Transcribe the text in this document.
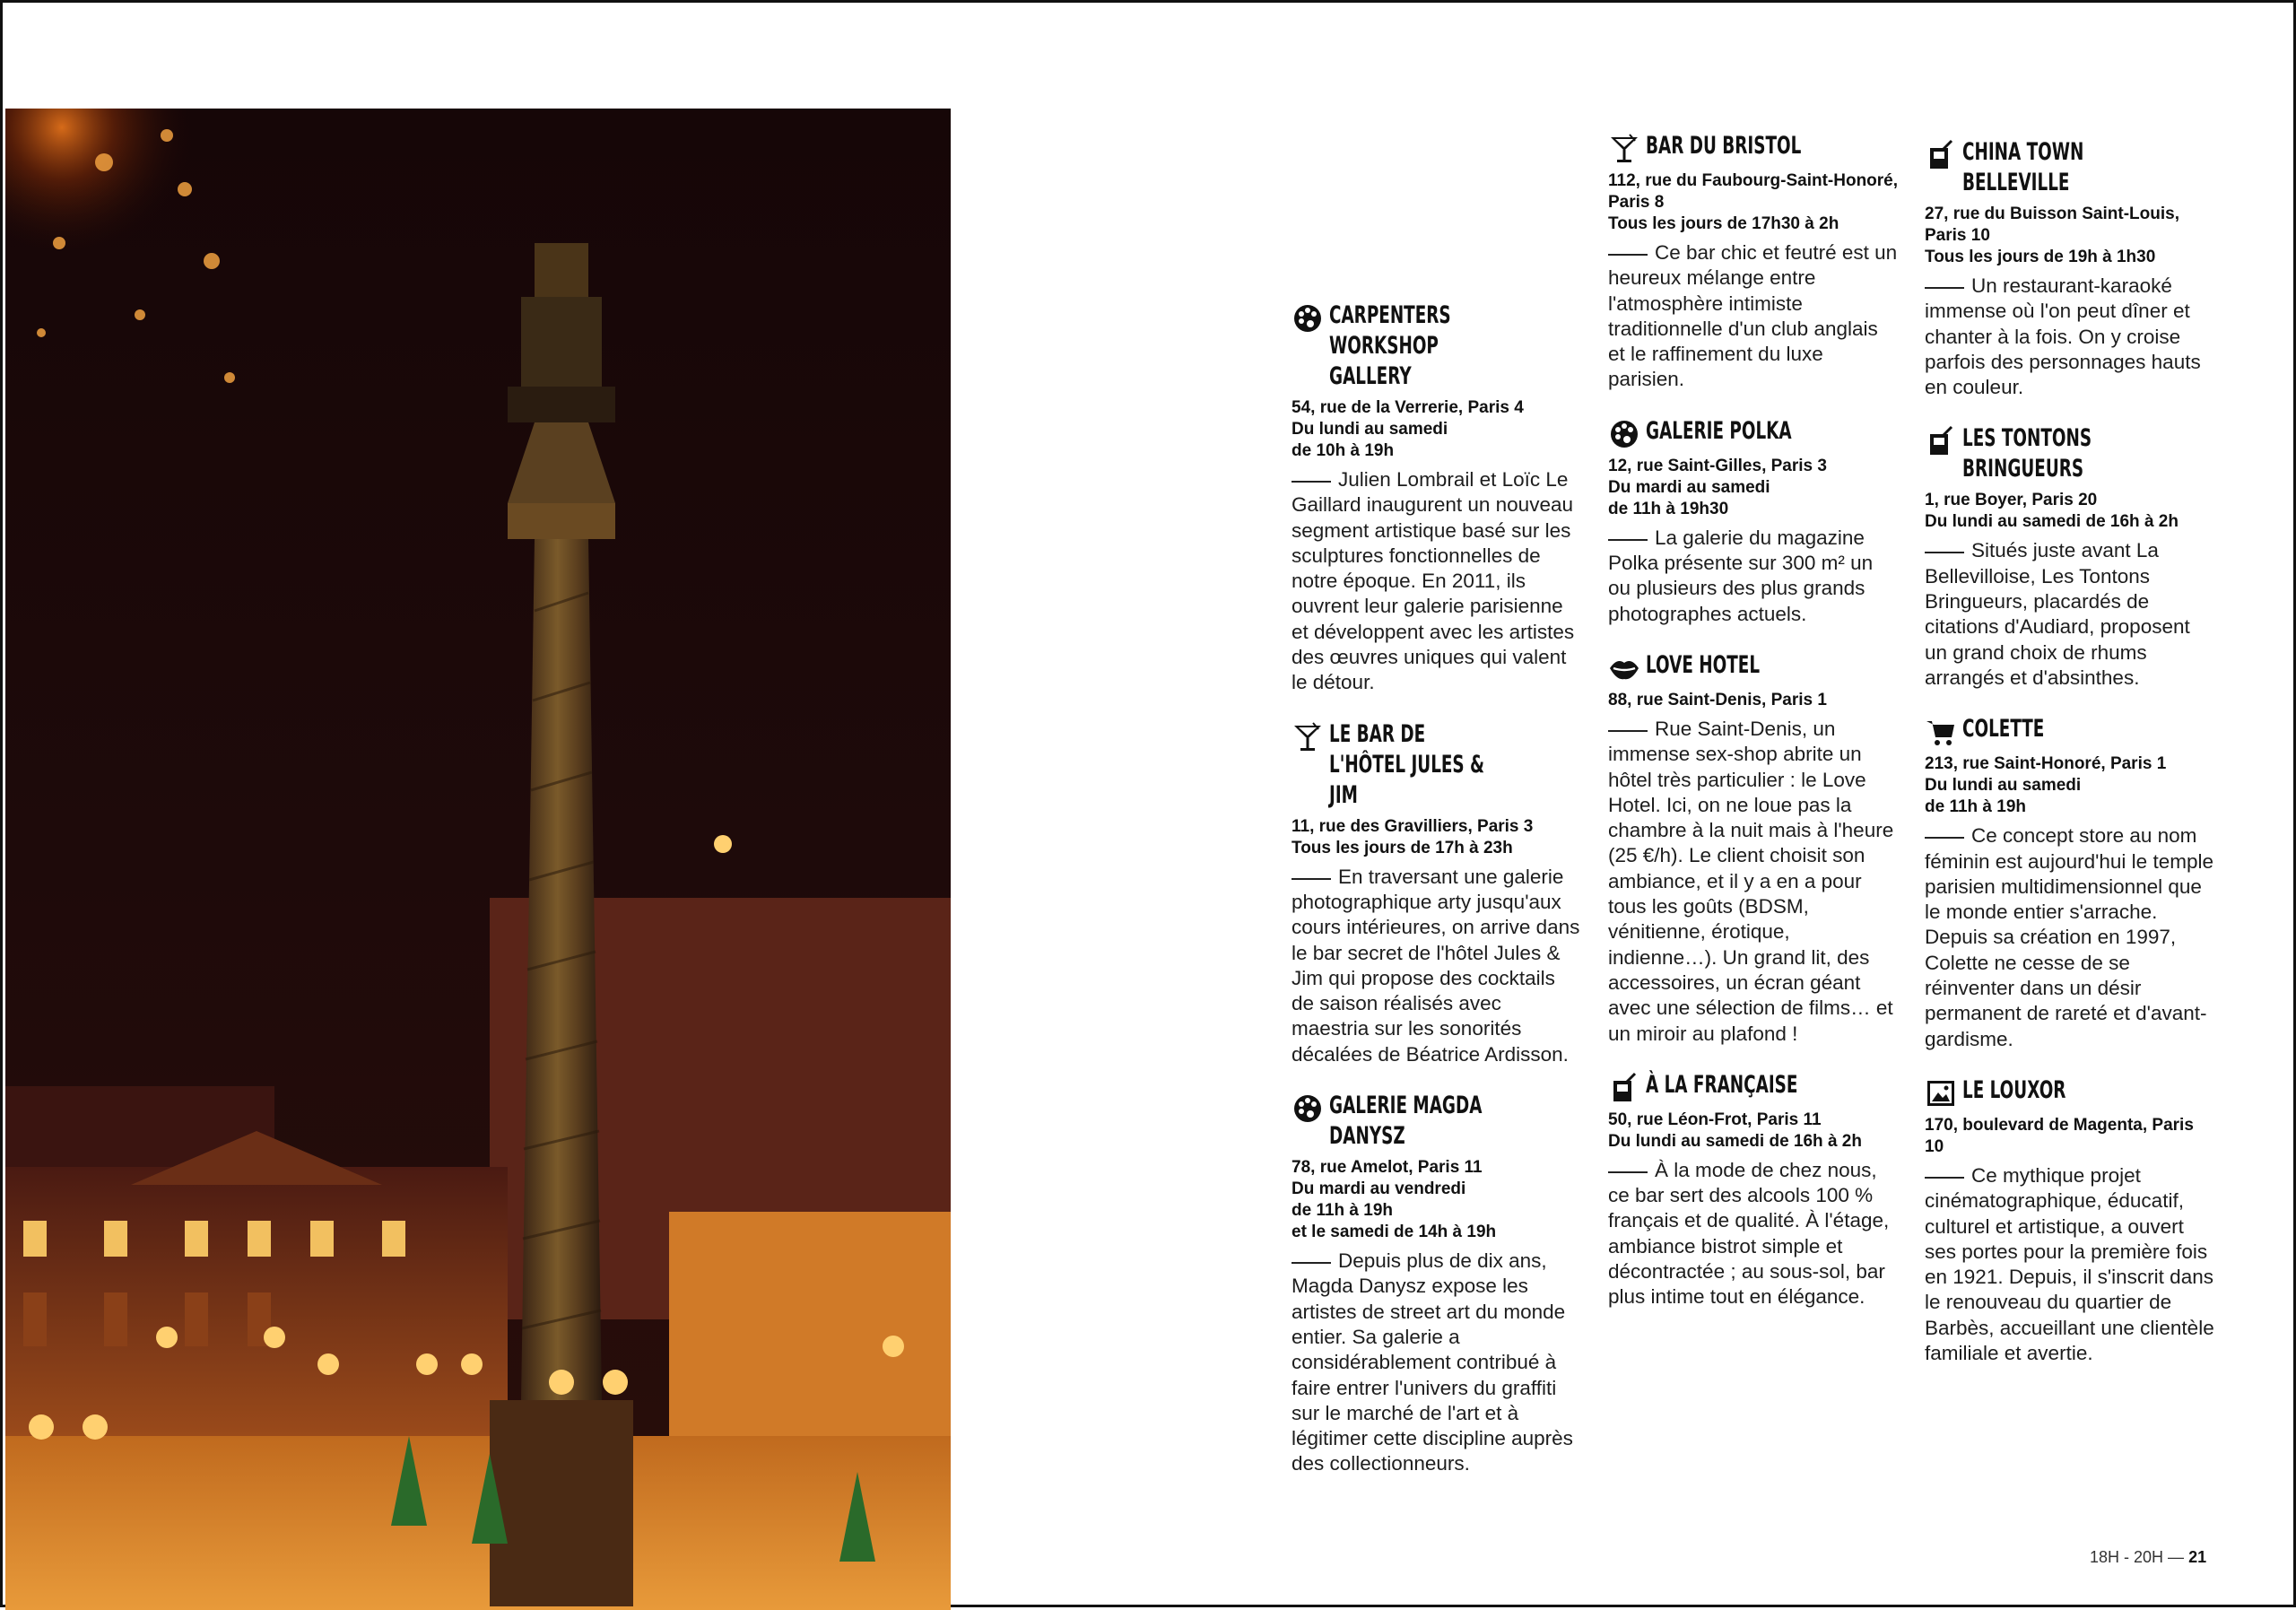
CARPENTERS WORKSHOP GALLERY
54, rue de la Verrerie, Paris 4
Du lundi au samedi
de 10h à 19h
Julien Lombrail et Loïc Le Gaillard inaugurent un nouveau segment artistique basé sur les sculptures fonctionnelles de notre époque. En 2011, ils ouvrent leur galerie parisienne et développent avec les artistes des œuvres uniques qui valent le détour.
LE BAR DE L'HÔTEL JULES & JIM
11, rue des Gravilliers, Paris 3
Tous les jours de 17h à 23h
En traversant une galerie photographique arty jusqu'aux cours intérieures, on arrive dans le bar secret de l'hôtel Jules & Jim qui propose des cocktails de saison réalisés avec maestria sur les sonorités décalées de Béatrice Ardisson.
GALERIE MAGDA DANYSZ
78, rue Amelot, Paris 11
Du mardi au vendredi
de 11h à 19h
et le samedi de 14h à 19h
Depuis plus de dix ans, Magda Danysz expose les artistes de street art du monde entier. Sa galerie a considérablement contribué à faire entrer l'univers du graffiti sur le marché de l'art et à légitimer cette discipline auprès des collectionneurs.
BAR DU BRISTOL
112, rue du Faubourg-Saint-Honoré, Paris 8
Tous les jours de 17h30 à 2h
Ce bar chic et feutré est un heureux mélange entre l'atmosphère intimiste traditionnelle d'un club anglais et le raffinement du luxe parisien.
GALERIE POLKA
12, rue Saint-Gilles, Paris 3
Du mardi au samedi
de 11h à 19h30
La galerie du magazine Polka présente sur 300 m² un ou plusieurs des plus grands photographes actuels.
LOVE HOTEL
88, rue Saint-Denis, Paris 1
Rue Saint-Denis, un immense sex-shop abrite un hôtel très particulier : le Love Hotel. Ici, on ne loue pas la chambre à la nuit mais à l'heure (25 €/h). Le client choisit son ambiance, et il y a en a pour tous les goûts (BDSM, vénitienne, érotique, indienne…). Un grand lit, des accessoires, un écran géant avec une sélection de films… et un miroir au plafond !
À LA FRANÇAISE
50, rue Léon-Frot, Paris 11
Du lundi au samedi de 16h à 2h
À la mode de chez nous, ce bar sert des alcools 100 % français et de qualité. À l'étage, ambiance bistrot simple et décontractée ; au sous-sol, bar plus intime tout en élégance.
CHINA TOWN BELLEVILLE
27, rue du Buisson Saint-Louis, Paris 10
Tous les jours de 19h à 1h30
Un restaurant-karaoké immense où l'on peut dîner et chanter à la fois. On y croise parfois des personnages hauts en couleur.
LES TONTONS BRINGUEURS
1, rue Boyer, Paris 20
Du lundi au samedi de 16h à 2h
Situés juste avant La Bellevilloise, Les Tontons Bringueurs, placardés de citations d'Audiard, proposent un grand choix de rhums arrangés et d'absinthes.
COLETTE
213, rue Saint-Honoré, Paris 1
Du lundi au samedi
de 11h à 19h
Ce concept store au nom féminin est aujourd'hui le temple parisien multidimensionnel que le monde entier s'arrache. Depuis sa création en 1997, Colette ne cesse de se réinventer dans un désir permanent de rareté et d'avant-gardisme.
LE LOUXOR
170, boulevard de Magenta, Paris 10
Ce mythique projet cinématographique, éducatif, culturel et artistique, a ouvert ses portes pour la première fois en 1921. Depuis, il s'inscrit dans le renouveau du quartier de Barbès, accueillant une clientèle familiale et avertie.
18H - 20H — 21
